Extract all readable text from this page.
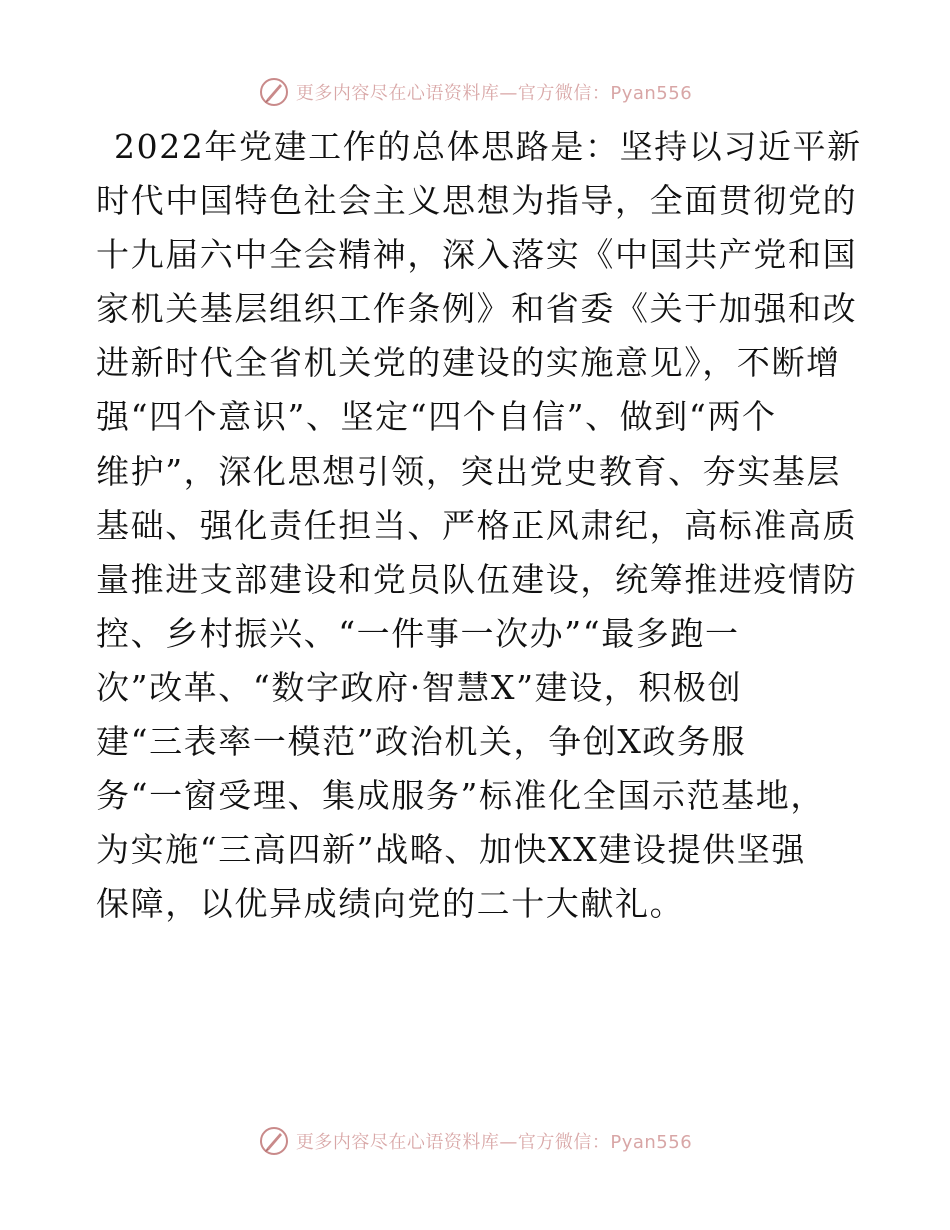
更多内容尽在心语资料库—官方微信：Pyan556
2022年党建工作的总体思路是：坚持以习近平新
时代中国特色社会主义思想为指导，全面贯彻党的
十九届六中全会精神，深入落实《中国共产党和国
家机关基层组织工作条例》和省委《关于加强和改
进新时代全省机关党的建设的实施意见》，不断增
强“四个意识”、坚定“四个自信”、做到“两个
维护”，深化思想引领，突出党史教育、夯实基层
基础、强化责任担当、严格正风肃纪，高标准高质
量推进支部建设和党员队伍建设，统筹推进疫情防
控、乡村振兴、“一件事一次办”“最多跑一
次”改革、“数字政府·智慧X”建设，积极创
建“三表率一模范”政治机关，争创X政务服
务“一窗受理、集成服务”标准化全国示范基地，
为实施“三高四新”战略、加快XX建设提供坚强
保障，以优异成绩向党的二十大献礼。
更多内容尽在心语资料库—官方微信：Pyan556
